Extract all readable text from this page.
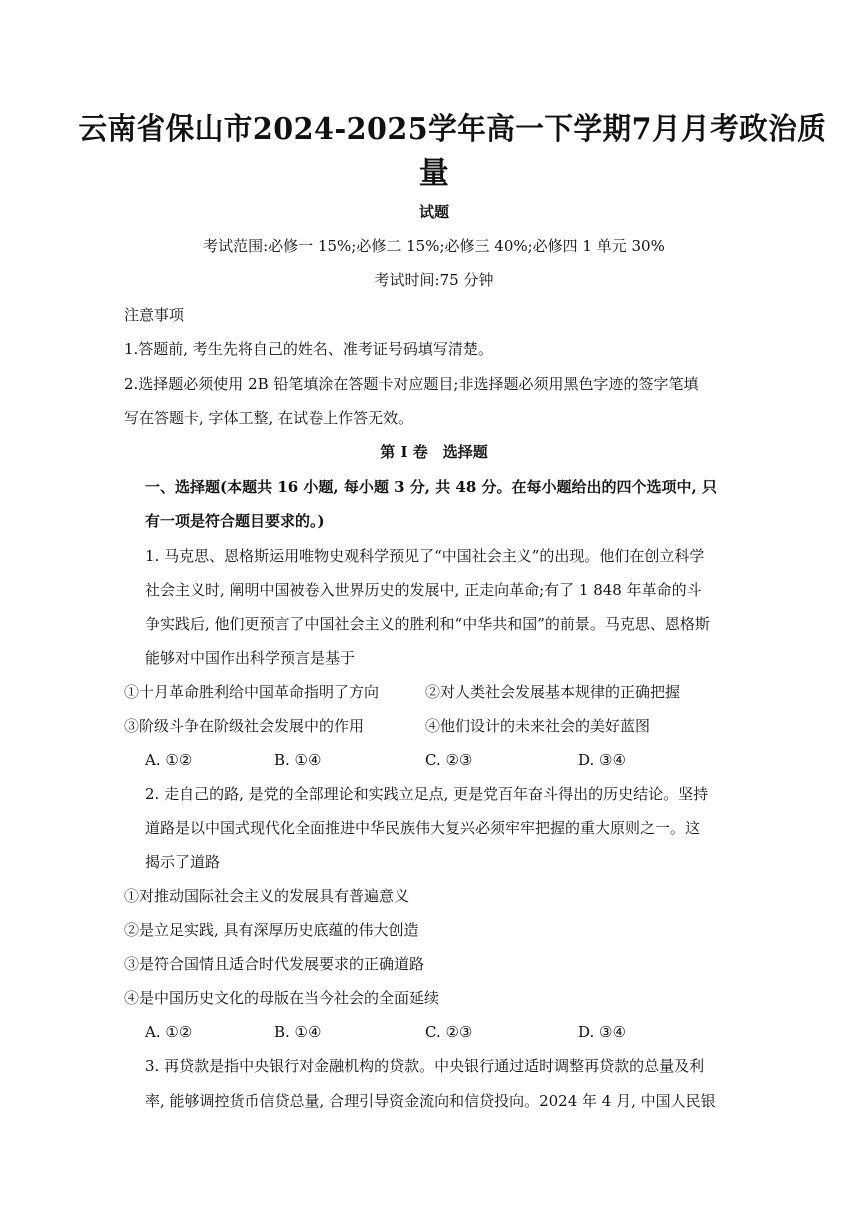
云南省保山市2024-2025学年高一下学期7月月考政治质
量
试题
考试范围:必修一 15%;必修二 15%;必修三 40%;必修四 1 单元 30%
考试时间:75 分钟
注意事项
1.答题前, 考生先将自己的姓名、准考证号码填写清楚。
2.选择题必须使用 2B 铅笔填涂在答题卡对应题目;非选择题必须用黑色字迹的签字笔填
写在答题卡, 字体工整, 在试卷上作答无效。
第 I 卷　选择题
一、选择题(本题共 16 小题, 每小题 3 分, 共 48 分。在每小题给出的四个选项中, 只
有一项是符合题目要求的。)
1. 马克思、恩格斯运用唯物史观科学预见了“中国社会主义”的出现。他们在创立科学
社会主义时, 阐明中国被卷入世界历史的发展中, 正走向革命;有了 1 848 年革命的斗
争实践后, 他们更预言了中国社会主义的胜利和“中华共和国”的前景。马克思、恩格斯
能够对中国作出科学预言是基于
①十月革命胜利给中国革命指明了方向	②对人类社会发展基本规律的正确把握
③阶级斗争在阶级社会发展中的作用	④他们设计的未来社会的美好蓝图
A. ①②	B. ①④	C. ②③	D. ③④
2. 走自己的路, 是党的全部理论和实践立足点, 更是党百年奋斗得出的历史结论。坚持
道路是以中国式现代化全面推进中华民族伟大复兴必须牢牢把握的重大原则之一。这
揭示了道路
①对推动国际社会主义的发展具有普遍意义
②是立足实践, 具有深厚历史底蕴的伟大创造
③是符合国情且适合时代发展要求的正确道路
④是中国历史文化的母版在当今社会的全面延续
A. ①②	B. ①④	C. ②③	D. ③④
3. 再贷款是指中央银行对金融机构的贷款。中央银行通过适时调整再贷款的总量及利
率, 能够调控货币信贷总量, 合理引导资金流向和信贷投向。2024 年 4 月, 中国人民银
